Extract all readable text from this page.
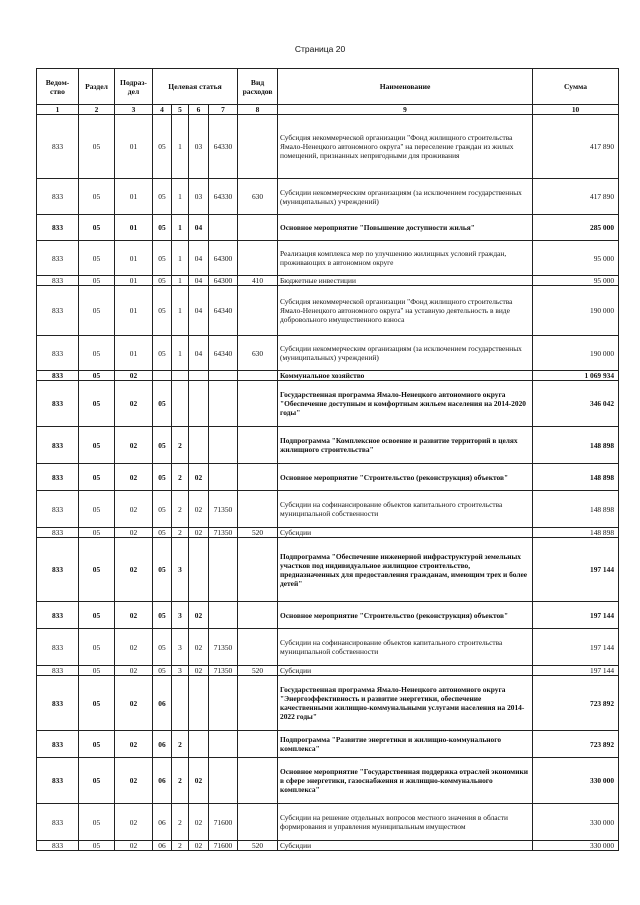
Страница 20
Ведом-ство	Раздел	Подраз-дел	Целевая статья				Вид расходов	Наименование	Сумма
1	2	3	4	5	6	7	8	9	10
833	05	01	05	1	03	64330		Субсидия некоммерческой организации "Фонд жилищного строительства Ямало-Ненецкого автономного округа" на переселение граждан из жилых помещений, признанных непригодными для проживания	417 890
833	05	01	05	1	03	64330	630	Субсидии некоммерческим организациям (за исключением государственных (муниципальных) учреждений)	417 890
833	05	01	05	1	04			Основное мероприятие "Повышение доступности жилья"	285 000
833	05	01	05	1	04	64300		Реализация комплекса мер по улучшению жилищных условий граждан, проживающих в автономном округе	95 000
833	05	01	05	1	04	64300	410	Бюджетные инвестиции	95 000
833	05	01	05	1	04	64340		Субсидия некоммерческой организации "Фонд жилищного строительства Ямало-Ненецкого автономного округа" на уставную деятельность в виде добровольного имущественного взноса	190 000
833	05	01	05	1	04	64340	630	Субсидии некоммерческим организациям (за исключением государственных (муниципальных) учреждений)	190 000
833	05	02						Коммунальное хозяйство	1 069 934
833	05	02	05					Государственная программа Ямало-Ненецкого автономного округа "Обеспечение доступным и комфортным жильем населения на 2014-2020 годы"	346 042
833	05	02	05	2				Подпрограмма "Комплексное освоение и развитие территорий в целях жилищного строительства"	148 898
833	05	02	05	2	02			Основное мероприятие "Строительство (реконструкция) объектов"	148 898
833	05	02	05	2	02	71350		Субсидии на софинансирование объектов капитального строительства муниципальной собственности	148 898
833	05	02	05	2	02	71350	520	Субсидии	148 898
833	05	02	05	3				Подпрограмма "Обеспечение инженерной инфраструктурой земельных участков под индивидуальное жилищное строительство, предназначенных для предоставления гражданам, имеющим трех и более детей"	197 144
833	05	02	05	3	02			Основное мероприятие "Строительство (реконструкция) объектов"	197 144
833	05	02	05	3	02	71350		Субсидии на софинансирование объектов капитального строительства муниципальной собственности	197 144
833	05	02	05	3	02	71350	520	Субсидии	197 144
833	05	02	06					Государственная программа Ямало-Ненецкого автономного округа "Энергоэффективность и развитие энергетики, обеспечение качественными жилищно-коммунальными услугами населения на 2014-2022 годы"	723 892
833	05	02	06	2				Подпрограмма "Развитие энергетики и жилищно-коммунального комплекса"	723 892
833	05	02	06	2	02			Основное мероприятие "Государственная поддержка отраслей экономики в сфере энергетики, газоснабжения и жилищно-коммунального комплекса"	330 000
833	05	02	06	2	02	71600		Субсидии на решение отдельных вопросов местного значения в области формирования и управления муниципальным имуществом	330 000
833	05	02	06	2	02	71600	520	Субсидии	330 000
